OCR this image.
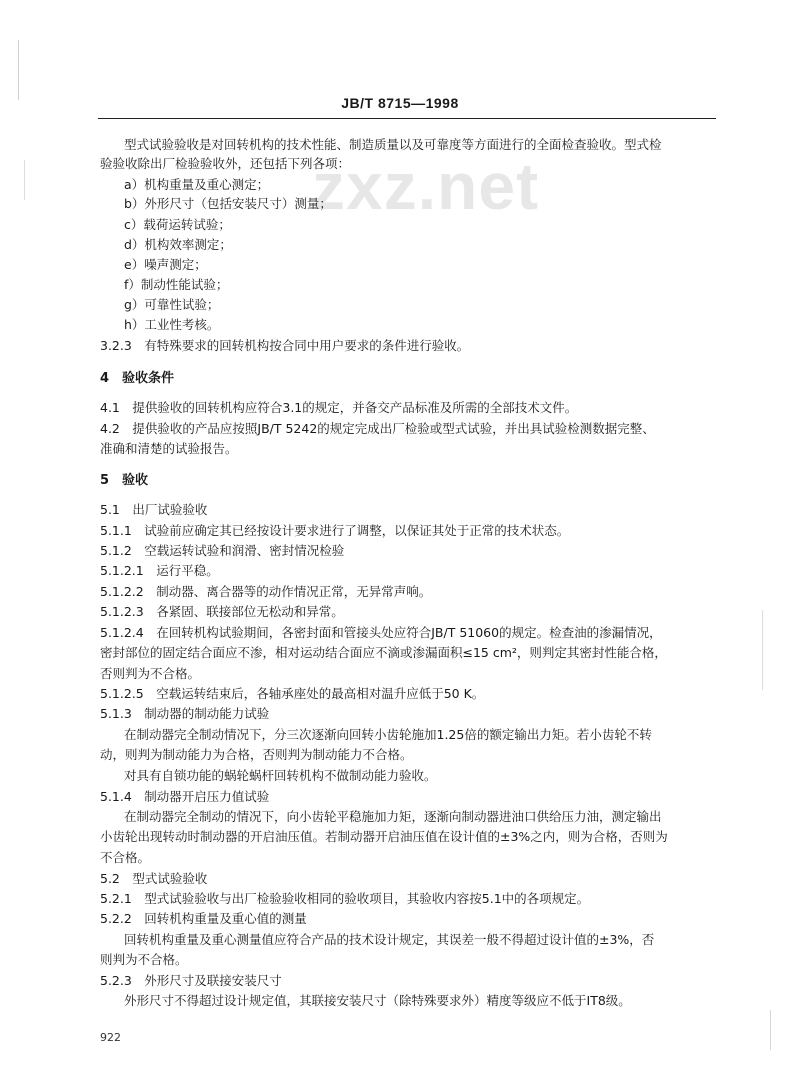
zxz.net
JB/T 8715—1998
型式试验验收是对回转机构的技术性能、制造质量以及可靠度等方面进行的全面检查验收。型式检
验验收除出厂检验验收外，还包括下列各项：
a）机构重量及重心测定；
b）外形尺寸（包括安装尺寸）测量；
c）载荷运转试验；
d）机构效率测定；
e）噪声测定；
f）制动性能试验；
g）可靠性试验；
h）工业性考核。
3.2.3　有特殊要求的回转机构按合同中用户要求的条件进行验收。
4　验收条件
4.1　提供验收的回转机构应符合3.1的规定，并备交产品标准及所需的全部技术文件。
4.2　提供验收的产品应按照JB/T 5242的规定完成出厂检验或型式试验，并出具试验检测数据完整、
准确和清楚的试验报告。
5　验收
5.1　出厂试验验收
5.1.1　试验前应确定其已经按设计要求进行了调整，以保证其处于正常的技术状态。
5.1.2　空载运转试验和润滑、密封情况检验
5.1.2.1　运行平稳。
5.1.2.2　制动器、离合器等的动作情况正常，无异常声响。
5.1.2.3　各紧固、联接部位无松动和异常。
5.1.2.4　在回转机构试验期间，各密封面和管接头处应符合JB/T 51060的规定。检查油的渗漏情况，
密封部位的固定结合面应不渗，相对运动结合面应不滴或渗漏面积≤15 cm²，则判定其密封性能合格，
否则判为不合格。
5.1.2.5　空载运转结束后，各轴承座处的最高相对温升应低于50 K。
5.1.3　制动器的制动能力试验
在制动器完全制动情况下，分三次逐渐向回转小齿轮施加1.25倍的额定输出力矩。若小齿轮不转
动，则判为制动能力为合格，否则判为制动能力不合格。
对具有自锁功能的蜗轮蜗杆回转机构不做制动能力验收。
5.1.4　制动器开启压力值试验
在制动器完全制动的情况下，向小齿轮平稳施加力矩，逐渐向制动器进油口供给压力油，测定输出
小齿轮出现转动时制动器的开启油压值。若制动器开启油压值在设计值的±3%之内，则为合格，否则为
不合格。
5.2　型式试验验收
5.2.1　型式试验验收与出厂检验验收相同的验收项目，其验收内容按5.1中的各项规定。
5.2.2　回转机构重量及重心值的测量
回转机构重量及重心测量值应符合产品的技术设计规定，其误差一般不得超过设计值的±3%，否
则判为不合格。
5.2.3　外形尺寸及联接安装尺寸
外形尺寸不得超过设计规定值，其联接安装尺寸（除特殊要求外）精度等级应不低于IT8级。
922
